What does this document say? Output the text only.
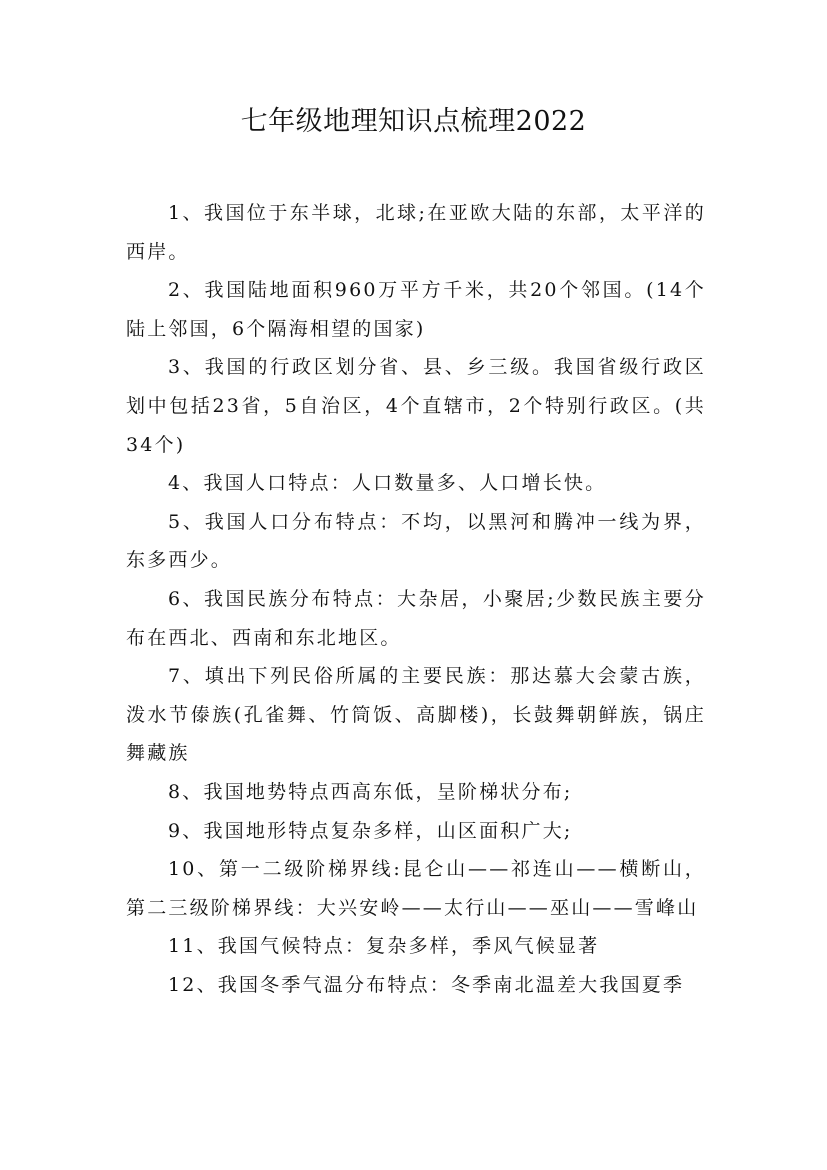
七年级地理知识点梳理2022

1、我国位于东半球，北球;在亚欧大陆的东部，太平洋的西岸。

2、我国陆地面积960万平方千米，共20个邻国。(14个陆上邻国，6个隔海相望的国家)

3、我国的行政区划分省、县、乡三级。我国省级行政区划中包括23省，5自治区，4个直辖市，2个特别行政区。(共34个)

4、我国人口特点：人口数量多、人口增长快。

5、我国人口分布特点：不均，以黑河和腾冲一线为界，东多西少。

6、我国民族分布特点：大杂居，小聚居;少数民族主要分布在西北、西南和东北地区。

7、填出下列民俗所属的主要民族：那达慕大会蒙古族，泼水节傣族(孔雀舞、竹筒饭、高脚楼)，长鼓舞朝鲜族，锅庄舞藏族

8、我国地势特点西高东低，呈阶梯状分布;

9、我国地形特点复杂多样，山区面积广大;

10、第一二级阶梯界线:昆仑山——祁连山——横断山，第二三级阶梯界线：大兴安岭——太行山——巫山——雪峰山

11、我国气候特点：复杂多样，季风气候显著

12、我国冬季气温分布特点：冬季南北温差大我国夏季
